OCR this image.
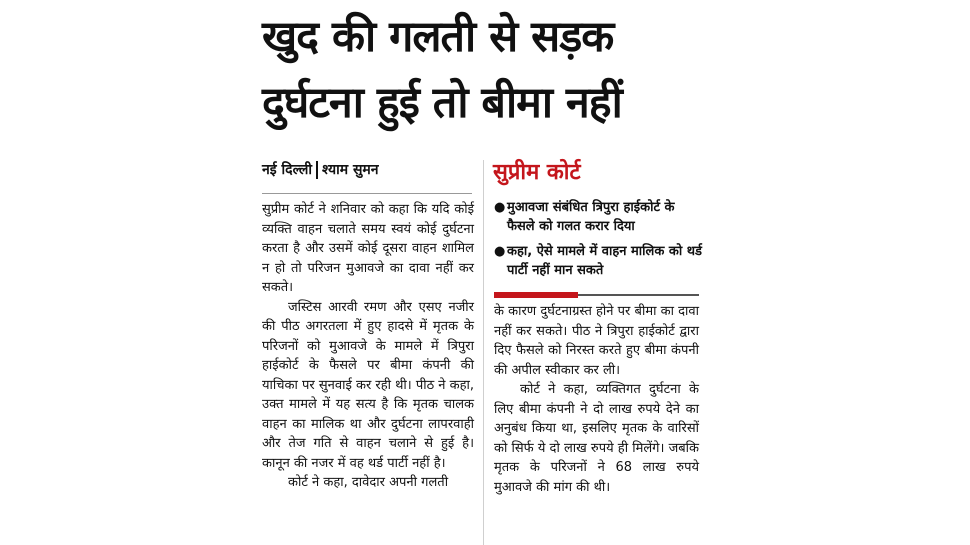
खुद की गलती से सड़क
दुर्घटना हुई तो बीमा नहीं
नई दिल्ली श्याम सुमन

सुप्रीम कोर्ट ने शनिवार को कहा कि यदि कोई व्यक्ति वाहन चलाते समय स्वयं कोई दुर्घटना करता है और उसमें कोई दूसरा वाहन शामिल न हो तो परिजन मुआवजे का दावा नहीं कर सकते।

जस्टिस आरवी रमण और एसए नजीर की पीठ अगरतला में हुए हादसे में मृतक के परिजनों को मुआवजे के मामले में त्रिपुरा हाईकोर्ट के फैसले पर बीमा कंपनी की याचिका पर सुनवाई कर रही थी। पीठ ने कहा, उक्त मामले में यह सत्य है कि मृतक चालक वाहन का मालिक था और दुर्घटना लापरवाही और तेज गति से वाहन चलाने से हुई है। कानून की नजर में वह थर्ड पार्टी नहीं है।

कोर्ट ने कहा, दावेदार अपनी गलती

सुप्रीम कोर्ट
● मुआवजा संबंधित त्रिपुरा हाईकोर्ट के फैसले को गलत करार दिया
● कहा, ऐसे मामले में वाहन मालिक को थर्ड पार्टी नहीं मान सकते

के कारण दुर्घटनाग्रस्त होने पर बीमा का दावा नहीं कर सकते। पीठ ने त्रिपुरा हाईकोर्ट द्वारा दिए फैसले को निरस्त करते हुए बीमा कंपनी की अपील स्वीकार कर ली।

कोर्ट ने कहा, व्यक्तिगत दुर्घटना के लिए बीमा कंपनी ने दो लाख रुपये देने का अनुबंध किया था, इसलिए मृतक के वारिसों को सिर्फ ये दो लाख रुपये ही मिलेंगे। जबकि मृतक के परिजनों ने 68 लाख रुपये मुआवजे की मांग की थी।
